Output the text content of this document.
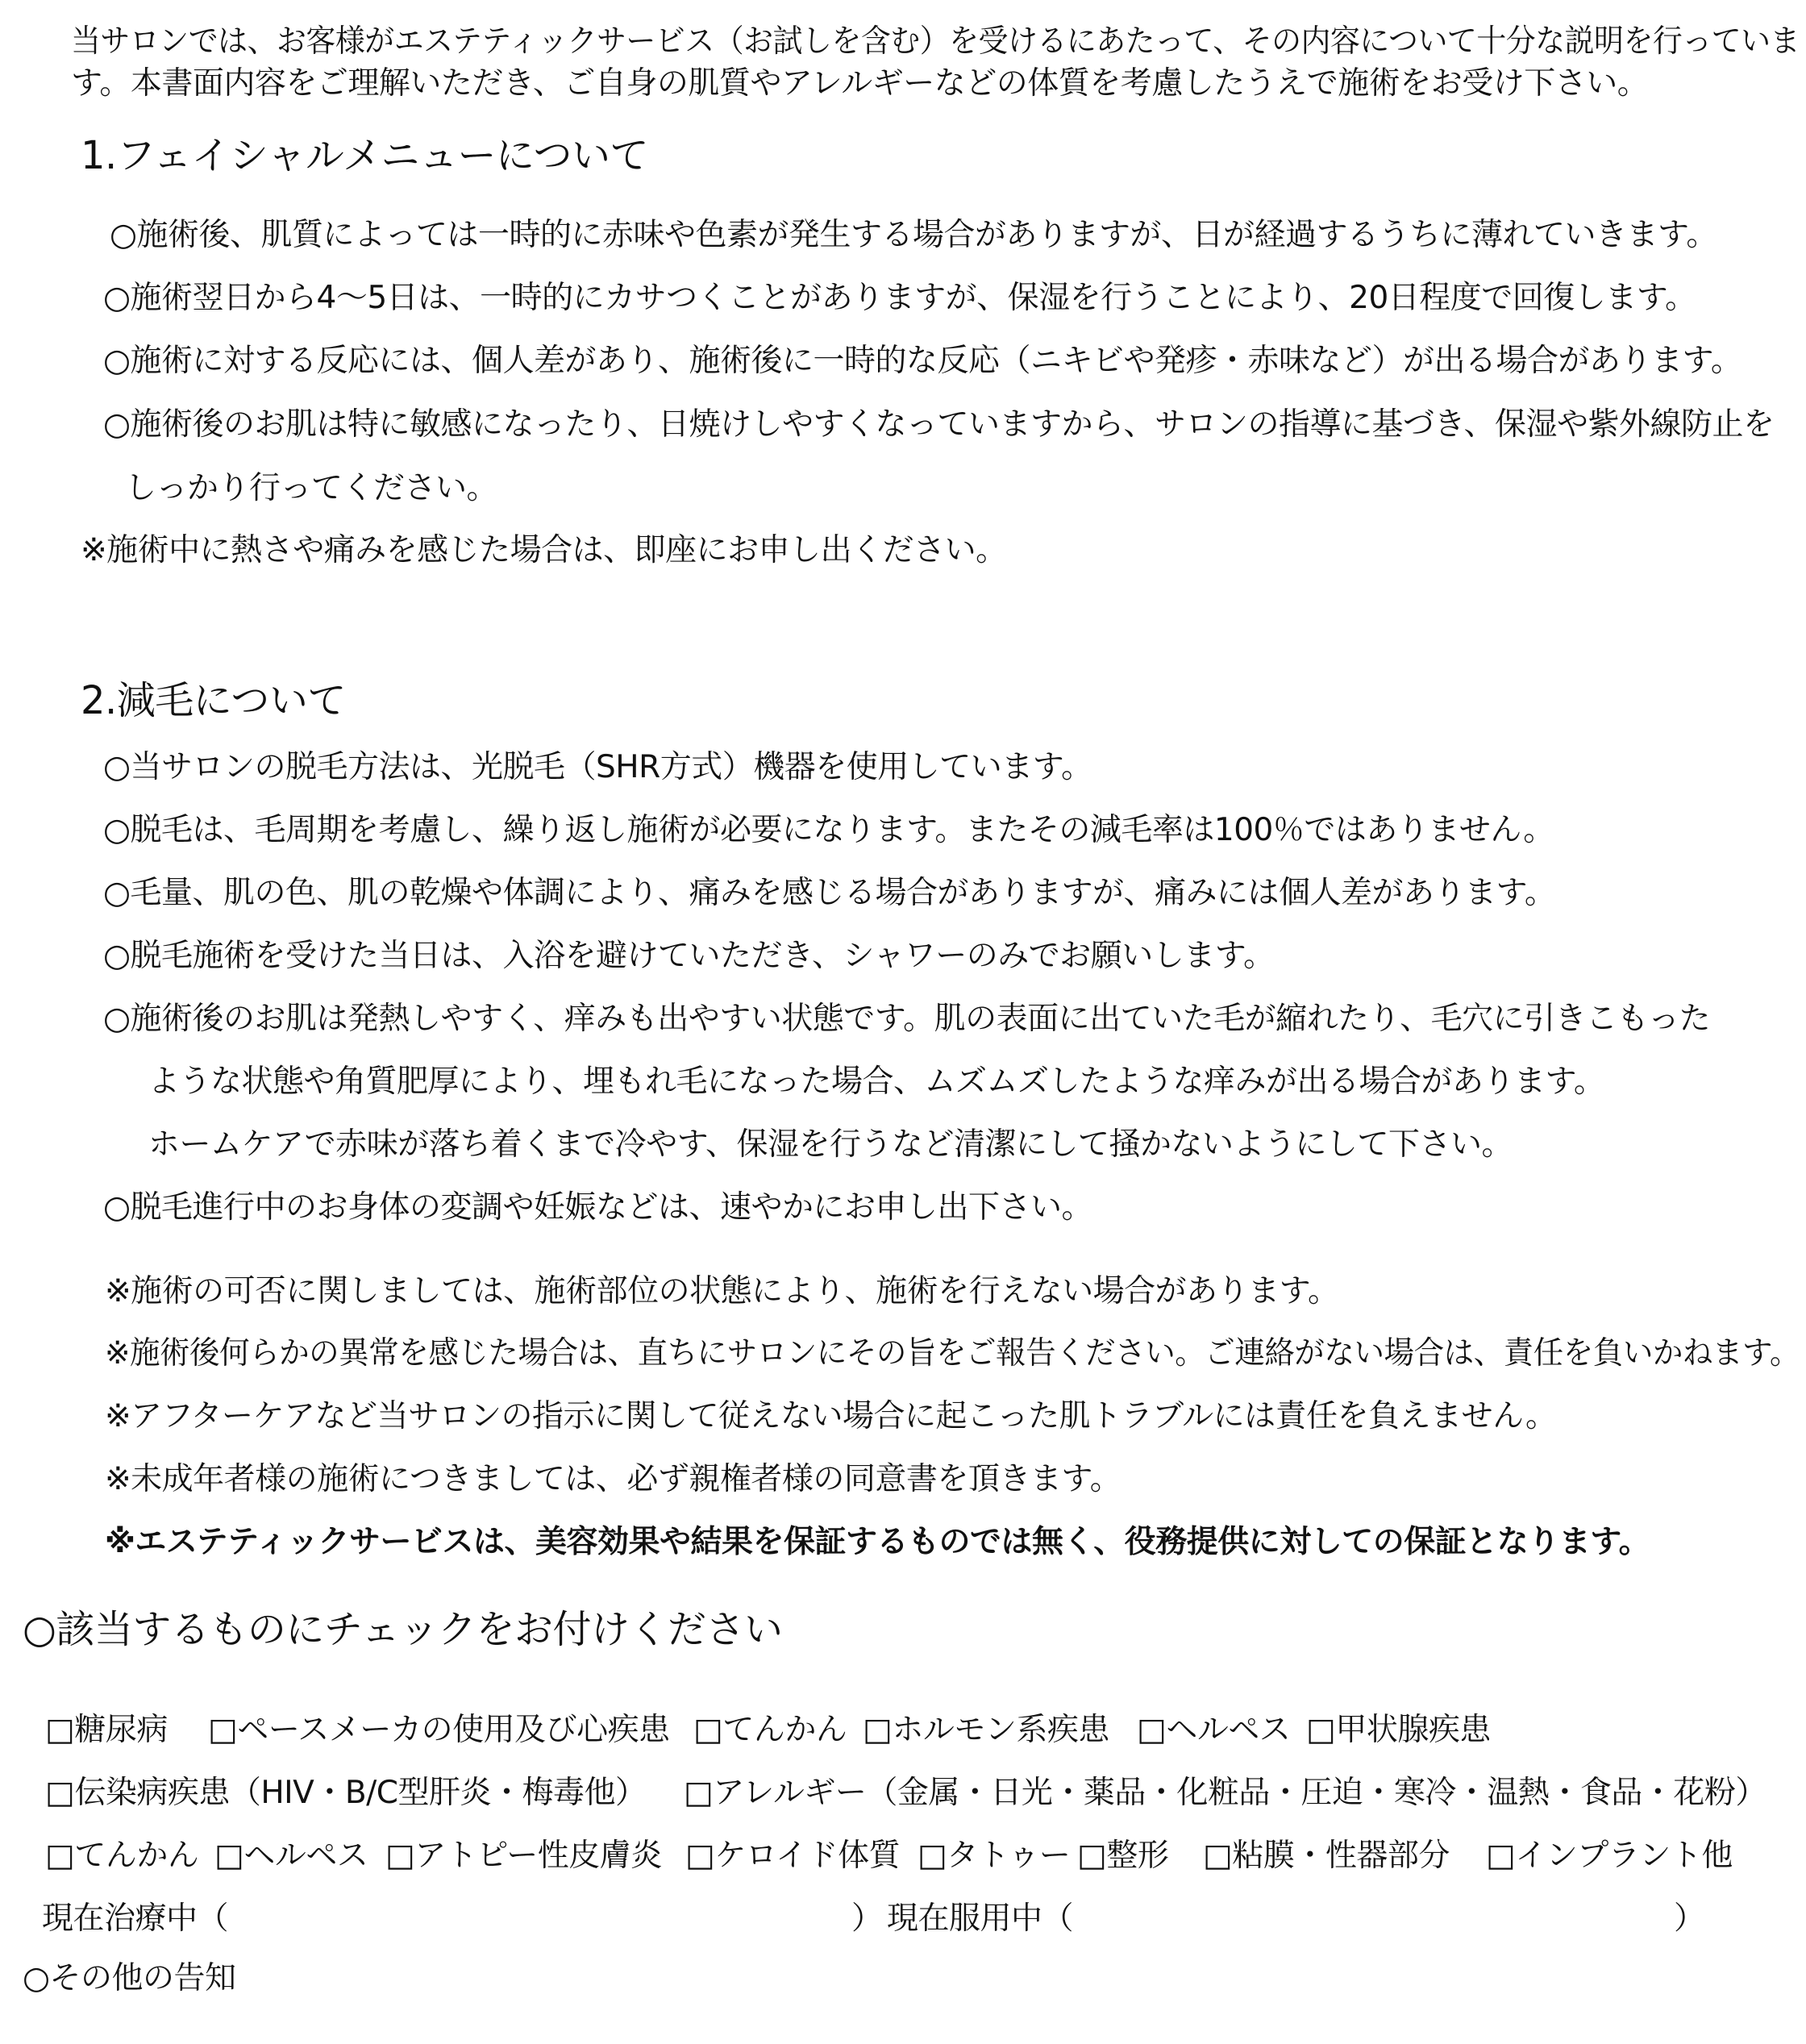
当サロンでは、お客様がエステティックサービス（お試しを含む）を受けるにあたって、その内容について十分な説明を行っていま
す。本書面内容をご理解いただき、ご自身の肌質やアレルギーなどの体質を考慮したうえで施術をお受け下さい。
1.フェイシャルメニューについて
○施術後、肌質によっては一時的に赤味や色素が発生する場合がありますが、日が経過するうちに薄れていきます。
○施術翌日から4～5日は、一時的にカサつくことがありますが、保湿を行うことにより、20日程度で回復します。
○施術に対する反応には、個人差があり、施術後に一時的な反応（ニキビや発疹・赤味など）が出る場合があります。
○施術後のお肌は特に敏感になったり、日焼けしやすくなっていますから、サロンの指導に基づき、保湿や紫外線防止を
しっかり行ってください。
※施術中に熱さや痛みを感じた場合は、即座にお申し出ください。
2.減毛について
○当サロンの脱毛方法は、光脱毛（SHR方式）機器を使用しています。
○脱毛は、毛周期を考慮し、繰り返し施術が必要になります。またその減毛率は100％ではありません。
○毛量、肌の色、肌の乾燥や体調により、痛みを感じる場合がありますが、痛みには個人差があります。
○脱毛施術を受けた当日は、入浴を避けていただき、シャワーのみでお願いします。
○施術後のお肌は発熱しやすく、痒みも出やすい状態です。肌の表面に出ていた毛が縮れたり、毛穴に引きこもった
ような状態や角質肥厚により、埋もれ毛になった場合、ムズムズしたような痒みが出る場合があります。
ホームケアで赤味が落ち着くまで冷やす、保湿を行うなど清潔にして掻かないようにして下さい。
○脱毛進行中のお身体の変調や妊娠などは、速やかにお申し出下さい。
※施術の可否に関しましては、施術部位の状態により、施術を行えない場合があります。
※施術後何らかの異常を感じた場合は、直ちにサロンにその旨をご報告ください。ご連絡がない場合は、責任を負いかねます。
※アフターケアなど当サロンの指示に関して従えない場合に起こった肌トラブルには責任を負えません。
※未成年者様の施術につきましては、必ず親権者様の同意書を頂きます。
※エステティックサービスは、美容効果や結果を保証するものでは無く、役務提供に対しての保証となります。
○該当するものにチェックをお付けください
□糖尿病 □ペースメーカの使用及び心疾患 □てんかん □ホルモン系疾患 □ヘルペス □甲状腺疾患
□伝染病疾患（HIV・B/C型肝炎・梅毒他） □アレルギー（金属・日光・薬品・化粧品・圧迫・寒冷・温熱・食品・花粉）
□てんかん □ヘルペス □アトピー性皮膚炎 □ケロイド体質 □タトゥー □整形 □粘膜・性器部分 □インプラント他
現在治療中（	） 現在服用中（	）
○その他の告知
